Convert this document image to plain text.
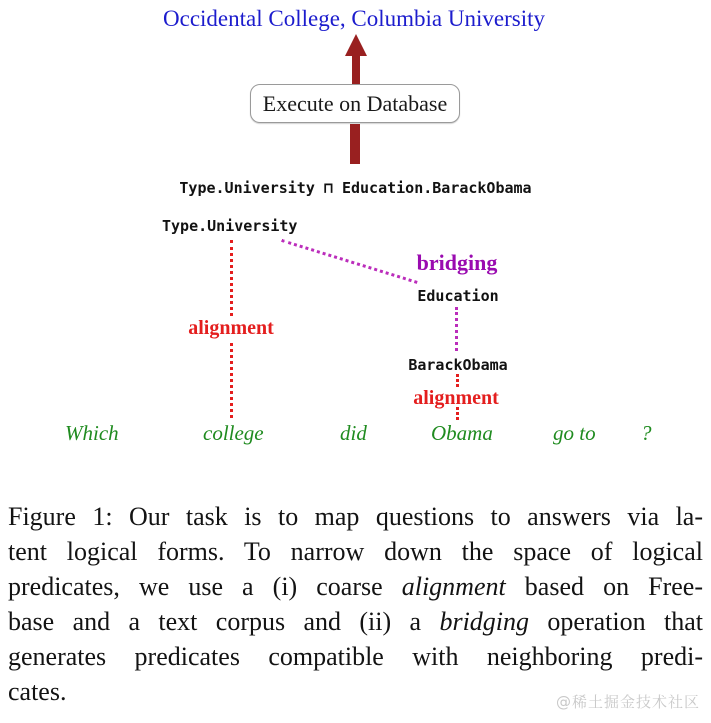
Occidental College, Columbia University
Execute on Database
Type.University ⊓ Education.BarackObama
Type.University
Education
BarackObama
bridging
alignment
alignment
Which	college	did	Obama	go to ?
Figure 1: Our task is to map questions to answers via la-
tent logical forms. To narrow down the space of logical
predicates, we use a (i) coarse alignment based on Free-
base and a text corpus and (ii) a bridging operation that
generates predicates compatible with neighboring predi-
cates.	@稀土掘金技术社区
